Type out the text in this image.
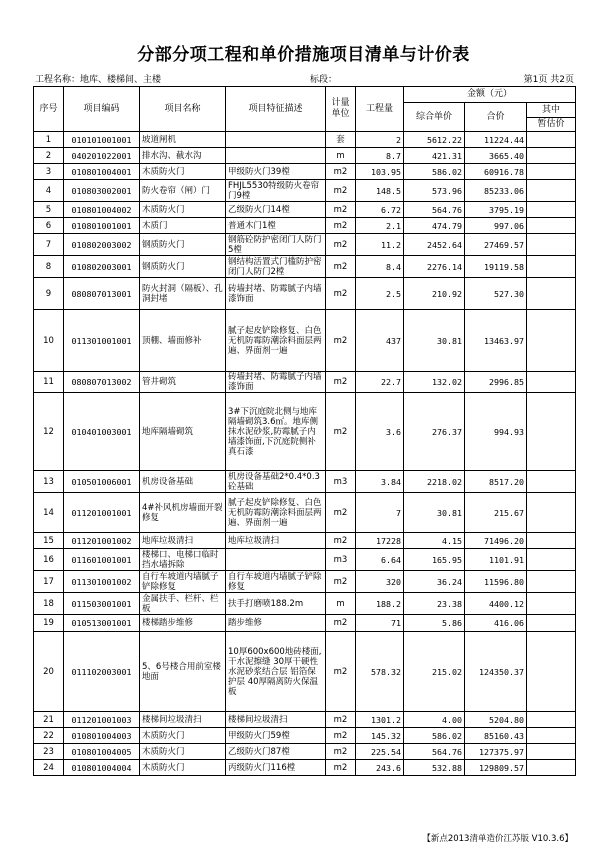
分部分项工程和单价措施项目清单与计价表
工程名称：地库、楼梯间、主楼	标段：	第1页 共2页
序号	项目编码	项目名称	项目特征描述	计量单位	工程量	金额（元）		
						综合单价	合价	其中
								暂估价
1	010101001001	坡道闸机		套	2	5612.22	11224.44	
2	040201022001	排水沟、截水沟		m	8.7	421.31	3665.40	
3	010801004001	木质防火门	甲级防火门39樘	m2	103.95	586.02	60916.78	
4	010803002001	防火卷帘（闸）门	FHJL5530特级防火卷帘门9樘	m2	148.5	573.96	85233.06	
5	010801004002	木质防火门	乙级防火门14樘	m2	6.72	564.76	3795.19	
6	010801001001	木质门	普通木门1樘	m2	2.1	474.79	997.06	
7	010802003002	钢质防火门	钢筋砼防护密闭门人防门5樘	m2	11.2	2452.64	27469.57	
8	010802003001	钢质防火门	钢结构活置式门槛防护密闭门人防门2樘	m2	8.4	2276.14	19119.58	
9	080807013001	防火封洞（隔板）、孔洞封堵	砖墙封堵、防霉腻子内墙漆饰面	m2	2.5	210.92	527.30	
10	011301001001	顶棚、墙面修补	腻子起皮铲除修复、白色无机防霉防潮涂料面层两遍、界面剂一遍	m2	437	30.81	13463.97	
11	080807013002	管井砌筑	砖墙封堵、防霉腻子内墙漆饰面	m2	22.7	132.02	2996.85	
12	010401003001	地库隔墙砌筑	3#下沉庭院北侧与地库隔墙砌筑3.6㎡。地库侧抹水泥砂浆,防霉腻子内墙漆饰面,下沉庭院侧补真石漆	m2	3.6	276.37	994.93	
13	010501006001	机房设备基础	机房设备基础2*0.4*0.3砼基础	m3	3.84	2218.02	8517.20	
14	011201001001	4#补风机房墙面开裂修复	腻子起皮铲除修复、白色无机防霉防潮涂料面层两遍、界面剂一遍	m2	7	30.81	215.67	
15	011201001002	地库垃圾清扫	地库垃圾清扫	m2	17228	4.15	71496.20	
16	011601001001	楼梯口、电梯口临时挡水墙拆除		m3	6.64	165.95	1101.91	
17	011301001002	自行车坡道内墙腻子铲除修复	自行车坡道内墙腻子铲除修复	m2	320	36.24	11596.80	
18	011503001001	金属扶手、栏杆、栏板	扶手打磨喷188.2m	m	188.2	23.38	4400.12	
19	010513001001	楼梯踏步维修	踏步维修	m2	71	5.86	416.06	
20	011102003001	5、6号楼合用前室楼地面	10厚600x600地砖楼面,干水泥擦缝 30厚干硬性水泥砂浆结合层 铝箔保护层 40厚隔离防火保温板	m2	578.32	215.02	124350.37	
21	011201001003	楼梯间垃圾清扫	楼梯间垃圾清扫	m2	1301.2	4.00	5204.80	
22	010801004003	木质防火门	甲级防火门59樘	m2	145.32	586.02	85160.43	
23	010801004005	木质防火门	乙级防火门87樘	m2	225.54	564.76	127375.97	
24	010801004004	木质防火门	丙级防火门116樘	m2	243.6	532.88	129809.57	
【新点2013清单造价江苏版 V10.3.6】
